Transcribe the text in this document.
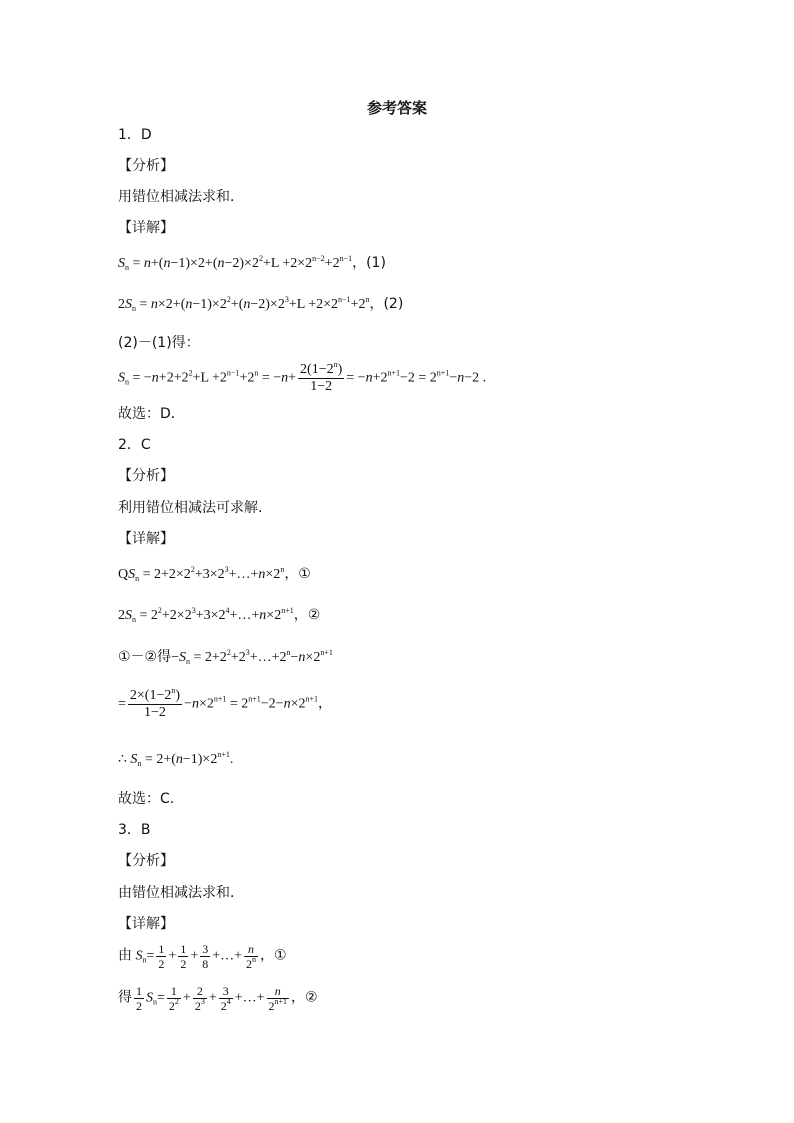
参考答案
1．D
【分析】
用错位相减法求和．
【详解】
$S_n = n+(n-1)\times 2+(n-2)\times 2^2+L +2\times 2^{n-2}+2^{n-1}$，(1)
$2S_n = n\times 2+(n-1)\times 2^2+(n-2)\times 2^3+L +2\times 2^{n-1}+2^n$，(2)
(2)－(1)得：
$S_n = -n+2+2^2+L +2^{n-1}+2^n = -n+ \frac{2(1-2^n)}{1-2} = -n+2^{n+1}-2 = 2^{n+1}-n-2$ .
故选：D．
2．C
【分析】
利用错位相减法可求解.
【详解】
$QS_n$ = $2+2\times 2^2+3\times 2^3+\dots+n\times 2^n$，①
$2S_n$ = $2^2+2\times 2^3+3\times 2^4+\dots+n\times 2^{n+1}$，②
①－②得$-S_n$ = $2+2^2+2^3+\dots+2^n-n\times 2^{n+1}$
= $\frac{2\times(1-2^n)}{1-2} -n\times 2^{n+1} = 2^{n+1}-2-n\times 2^{n+1}$，
∴ $S_n = 2+(n-1)\times 2^{n+1}$.
故选：C.
3．B
【分析】
由错位相减法求和．
【详解】
由 $S_n= \frac{1}{2} + \frac{1}{2} + \frac{3}{8}$ +…+ $\frac{n}{2^n}$ ，①
得 $\frac{1}{2} S_n= \frac{1}{2^2} + \frac{2}{2^3} + \frac{3}{2^4}$ +…+ $\frac{n}{2^{n+1}}$ ，②
